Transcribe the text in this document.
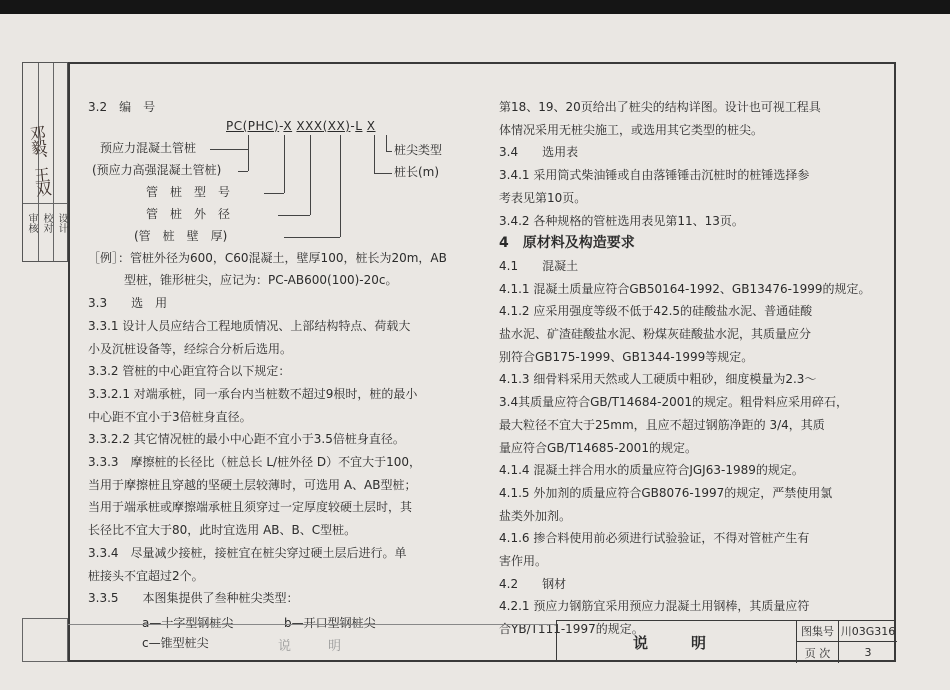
设计
校对
审核
邓毅、王双

3.2　编　号

PC(PHC)-X XXX(XX)-L X
预应力混凝土管桩
(预应力高强混凝土管桩)
管　桩　型　号
管　桩　外　径
(管　桩　壁　厚)
桩尖类型
桩长(m)

［例］：管桩外径为600，C60混凝土，壁厚100，桩长为20m，AB

　　　型桩，锥形桩尖，应记为：PC-AB600(100)-20c。

3.3　　选　用

3.3.1 设计人员应结合工程地质情况、上部结构特点、荷载大

小及沉桩设备等，经综合分析后选用。

3.3.2 管桩的中心距宜符合以下规定：

3.3.2.1 对端承桩，同一承台内当桩数不超过9根时，桩的最小

中心距不宜小于3倍桩身直径。

3.3.2.2 其它情况桩的最小中心距不宜小于3.5倍桩身直径。

3.3.3　摩擦桩的长径比（桩总长 L/桩外径 D）不宜大于100，

当用于摩擦桩且穿越的坚硬土层较薄时，可选用 A、AB型桩；

当用于端承桩或摩擦端承桩且须穿过一定厚度较硬土层时，其

长径比不宜大于80，此时宜选用 AB、B、C型桩。

3.3.4　尽量减少接桩，接桩宜在桩尖穿过硬土层后进行。单

桩接头不宜超过2个。

3.3.5　　本图集提供了叁种桩尖类型：

a—十字型钢桩尖	b—开口型钢桩尖
c—锥型桩尖

第18、19、20页给出了桩尖的结构详图。设计也可视工程具

体情况采用无桩尖施工，或选用其它类型的桩尖。

3.4　　选用表

3.4.1 采用筒式柴油锤或自由落锤锤击沉桩时的桩锤选择参

考表见第10页。

3.4.2 各种规格的管桩选用表见第11、13页。

4　原材料及构造要求

4.1　　混凝土

4.1.1 混凝土质量应符合GB50164-1992、GB13476-1999的规定。

4.1.2 应采用强度等级不低于42.5的硅酸盐水泥、普通硅酸

盐水泥、矿渣硅酸盐水泥、粉煤灰硅酸盐水泥，其质量应分

别符合GB175-1999、GB1344-1999等规定。

4.1.3 细骨料采用天然或人工硬质中粗砂，细度模量为2.3～

3.4其质量应符合GB/T14684-2001的规定。粗骨料应采用碎石，

最大粒径不宜大于25mm，且应不超过钢筋净距的 3/4，其质

量应符合GB/T14685-2001的规定。

4.1.4 混凝土拌合用水的质量应符合JGJ63-1989的规定。

4.1.5 外加剂的质量应符合GB8076-1997的规定，严禁使用氯

盐类外加剂。

4.1.6 掺合料使用前必须进行试验验证，不得对管桩产生有

害作用。

4.2　　钢材

4.2.1 预应力钢筋宜采用预应力混凝土用钢棒，其质量应符

合YB/T111-1997的规定。

说　明	说　明
图集号 川03G316
页 次	3
